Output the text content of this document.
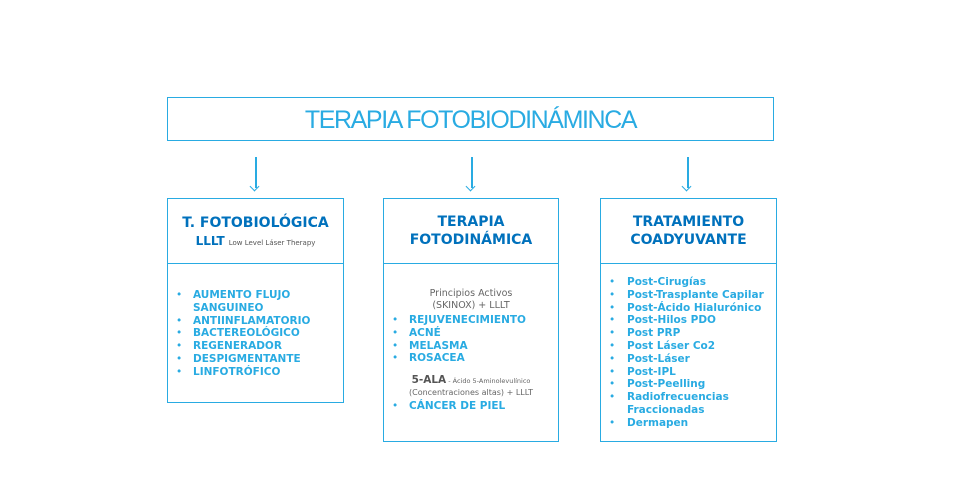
TERAPIA FOTOBIODINÁMINCA
T. FOTOBIOLÓGICA
LLLT Low Level Láser Therapy
• AUMENTO FLUJO SANGUINEO
• ANTIINFLAMATORIO
• BACTEREOLÓGICO
• REGENERADOR
• DESPIGMENTANTE
• LINFOTRÓFICO
TERAPIA
FOTODINÁMICA
Principios Activos
(SKINOX) + LLLT
• REJUVENECIMIENTO
• ACNÉ
• MELASMA
• ROSACEA
5-ALA - Ácido 5-Aminolevulínico
(Concentraciones altas) + LLLT
• CÁNCER DE PIEL
TRATAMIENTO
COADYUVANTE
• Post-Cirugías
• Post-Trasplante Capilar
• Post-Ácido Hialurónico
• Post-Hilos PDO
• Post PRP
• Post Láser Co2
• Post-Láser
• Post-IPL
• Post-Peelling
• Radiofrecuencias Fraccionadas
• Dermapen
